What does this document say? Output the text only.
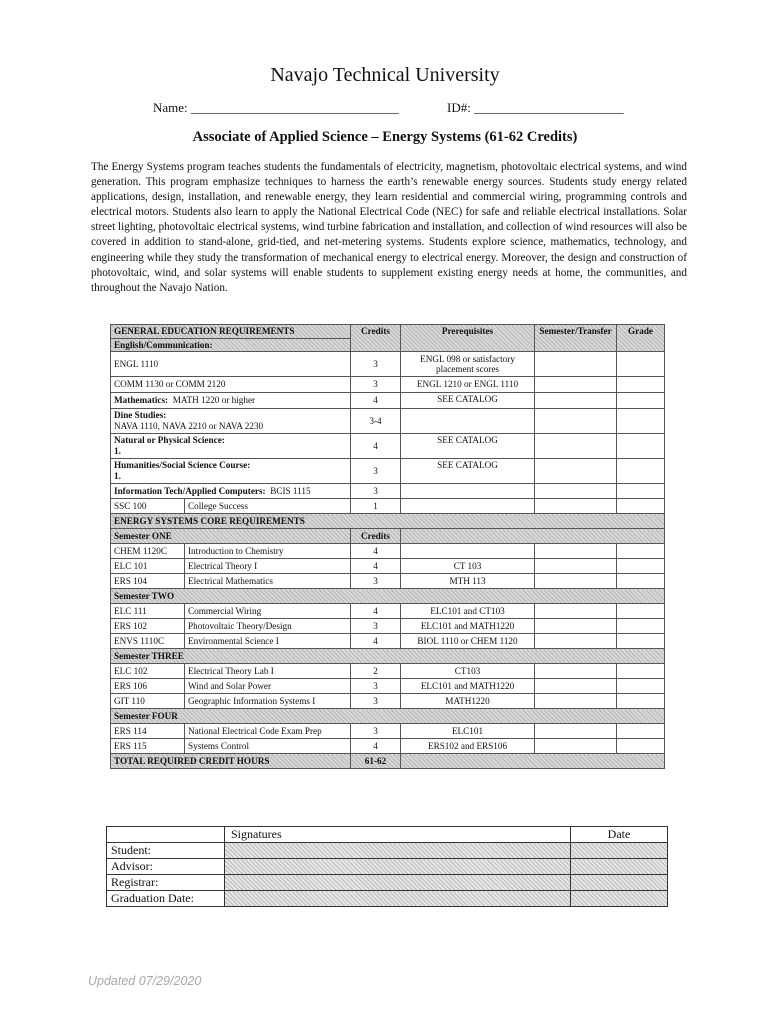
Navajo Technical University
Name: ________________________________	ID#: _______________________
Associate of Applied Science – Energy Systems (61-62 Credits)
The Energy Systems program teaches students the fundamentals of electricity, magnetism, photovoltaic electrical systems, and wind generation. This program emphasize techniques to harness the earth’s renewable energy sources. Students study energy related applications, design, installation, and renewable energy, they learn residential and commercial wiring, programming controls and electrical motors. Students also learn to apply the National Electrical Code (NEC) for safe and reliable electrical installations. Solar street lighting, photovoltaic electrical systems, wind turbine fabrication and installation, and collection of wind resources will also be covered in addition to stand-alone, grid-tied, and net-metering systems. Students explore science, mathematics, technology, and engineering while they study the transformation of mechanical energy to electrical energy. Moreover, the design and construction of photovoltaic, wind, and solar systems will enable students to supplement existing energy needs at home, the communities, and throughout the Navajo Nation.
GENERAL EDUCATION REQUIREMENTS		Credits	Prerequisites	Semester/Transfer	Grade
English/Communication:					
ENGL 1110		3	ENGL 098 or satisfactory placement scores		
COMM 1130 or COMM 2120		3	ENGL 1210 or ENGL 1110		
Mathematics: MATH 1220 or higher		4	SEE CATALOG		

Dine Studies:
NAVA 1110, NAVA 2210 or NAVA 2230		3-4			

Natural or Physical Science:
1.		4	SEE CATALOG		

Humanities/Social Science Course:
1.		3	SEE CATALOG		
Information Tech/Applied Computers: BCIS 1115		3			
SSC 100	College Success	1			
ENERGY SYSTEMS CORE REQUIREMENTS					
Semester ONE		Credits			
CHEM 1120C	Introduction to Chemistry	4			
ELC 101	Electrical Theory I	4	CT 103		
ERS 104	Electrical Mathematics	3	MTH 113		
Semester TWO					
ELC 111	Commercial Wiring	4	ELC101 and CT103		
ERS 102	Photovoltaic Theory/Design	3	ELC101 and MATH1220		
ENVS 1110C	Environmental Science I	4	BIOL 1110 or CHEM 1120		
Semester THREE					
ELC 102	Electrical Theory Lab I	2	CT103		
ERS 106	Wind and Solar Power	3	ELC101 and MATH1220		
GIT 110	Geographic Information Systems I	3	MATH1220		
Semester FOUR					
ERS 114	National Electrical Code Exam Prep	3	ELC101		
ERS 115	Systems Control	4	ERS102 and ERS106		
TOTAL REQUIRED CREDIT HOURS		61-62			
	Signatures	Date
Student:		
Advisor:		
Registrar:		
Graduation Date:		
Updated 07/29/2020
